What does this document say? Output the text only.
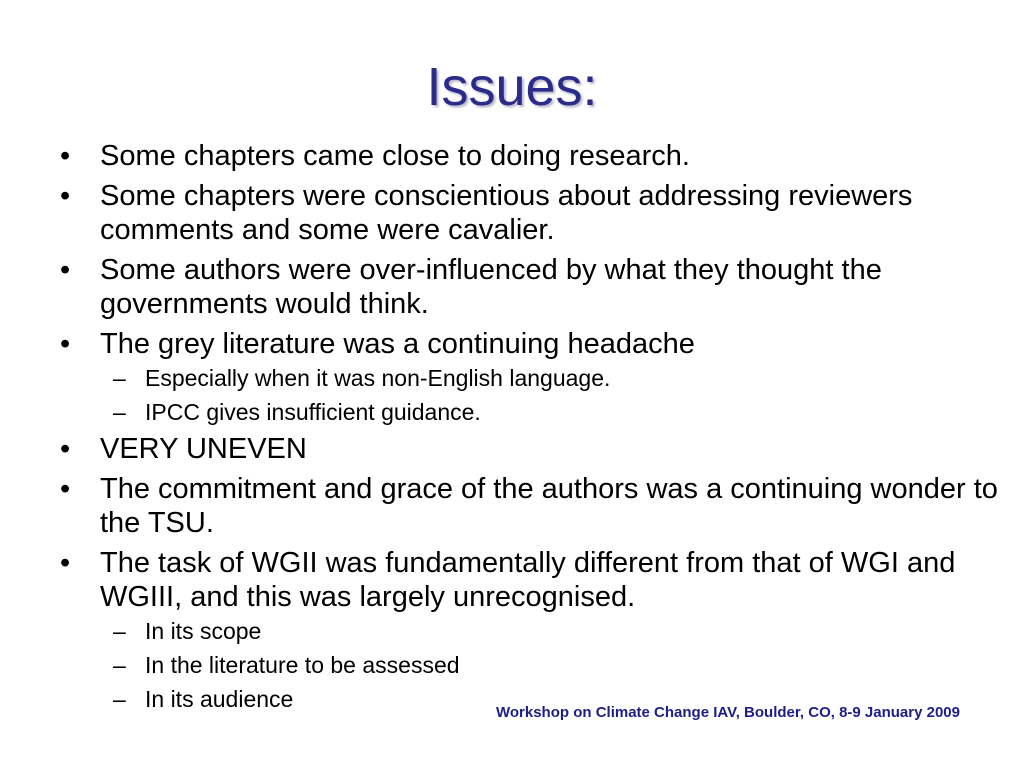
Issues:
•	Some chapters came close to doing research.
•	Some chapters were conscientious about addressing reviewers comments and some were cavalier.
•	Some authors were over-influenced by what they thought the governments would think.
•	The grey literature was a continuing headache
– Especially when it was non-English language.
– IPCC gives insufficient guidance.
•	VERY UNEVEN
•	The commitment and grace of the authors was a continuing wonder to the TSU.
•	The task of WGII was fundamentally different from that of WGI and WGIII, and this was largely unrecognised.
– In its scope
– In the literature to be assessed
– In its audience
Workshop on Climate Change IAV, Boulder, CO, 8-9 January 2009
